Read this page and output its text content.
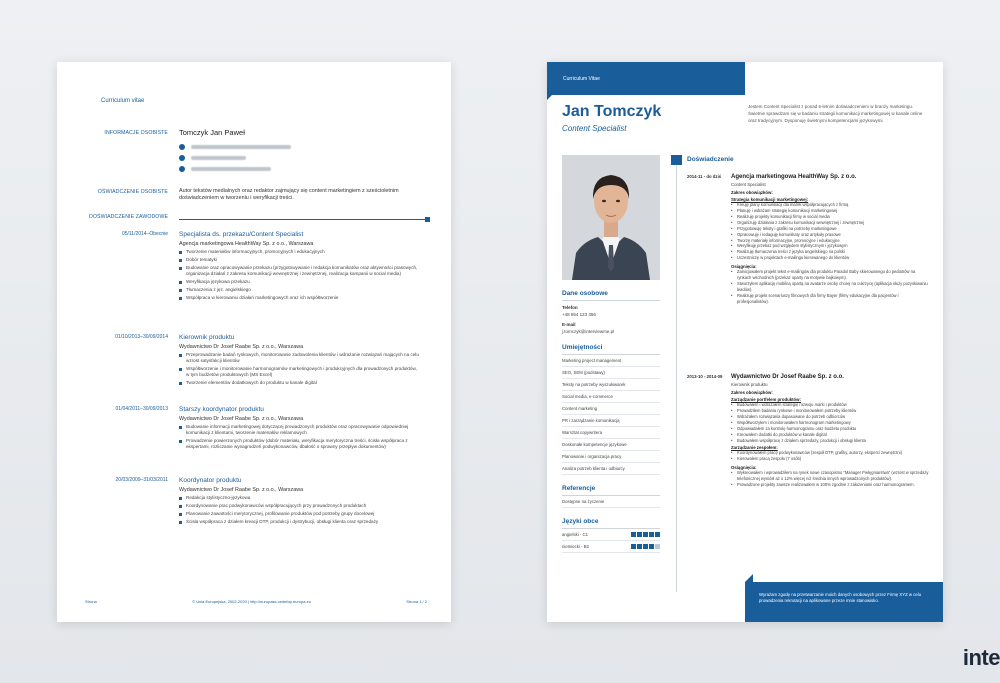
Curriculum vitae
INFORMACJE OSOBISTE Tomczyk Jan Paweł
OŚWIADCZENIE OSOBISTE Autor tekstów medialnych oraz redaktor zajmujący się content marketingiem z sześcioletnim doświadczeniem w tworzeniu i weryfikacji treści.
DOŚWIADCZENIE ZAWODOWE
05/11/2014–Obecnie Specjalista ds. przekazu/Content Specialist
Agencja marketingowa HealthWay Sp. z o.o., Warszawa
Tworzenie materiałów informacyjnych, promocyjnych i edukacyjnych
Dobór tematyki
Budowanie oraz opracowywanie przekazu (przygotowywanie i redakcja komunikatów oraz aktywności prasowych, organizacja działań z zakresu komunikacji wewnętrznej i zewnętrznej, realizacja kampanii w social media)
Weryfikacja językowa przekazu
Tłumaczenia z jęz. angielskiego
Współpraca w kierowaniu działań marketingowych oraz ich współtworzenie
01/10/2013–30/09/2014 Kierownik produktu
Wydawnictwo Dr Josef Raabe Sp. z o.o., Warszawa
Przeprowadzanie badań rynkowych, monitorowanie zadowolenia klientów i wdrażanie rozwiązań mających na celu wzrost satysfakcji klientów
Współtworzenie i monitorowanie harmonogramów marketingowych i produkcyjnych dla prowadzonych produktów, w tym budżetów produktowych (MS Excel)
Tworzenie elementów dodatkowych do produktu w kanale digital
01/04/2011–30/09/2013 Starszy koordynator produktu
Wydawnictwo Dr Josef Raabe Sp. z o.o., Warszawa
Budowanie informacji marketingowej dotyczącej prowadzonych produktów oraz opracowywanie odpowiedniej komunikacji z klientami, tworzenie materiałów reklamowych
Prowadzenie powierzonych produktów (dobór materiału, weryfikacja merytoryczna treści, ścisła współpraca z ekspertami, rozliczanie wynagrodzeń podwykonawców, dbałość o sprawny przepływ dokumentów)
20/03/2009–31/03/2011 Koordynator produktu
Wydawnictwo Dr Josef Raabe Sp. z o.o., Warszawa
Redakcja stylistyczno-językowa
Koordynowanie prac podwykonawców współpracujących przy prowadzonych produktach
Planowanie zawartości merytorycznej, profilowanie produktów pod potrzeby grupy docelowej
Ścisła współpraca z działem kreacji DTP, produkcji i dystrybucji, obsługi klienta oraz sprzedaży
Strona	© Unia Europejska, 2002-2020 | http://europass.cedefop.europa.eu	Strona 1 / 2
Curriculum Vitae
Jan Tomczyk
Content Specialist
Jestem Content Specialist z ponad 6-letnim doświadczeniem w branży marketingu. Świetnie sprawdzam się w badaniu strategii komunikacji marketingowej w kanale online oraz tradycyjnym. Dysponuję świetnymi kompetencjami językowymi.
Dane osobowe
Telefon
+48 654 123 456
E-mail
j.tomczyk@interviewme.pl
Umiejętności
Marketing project management
SEO, SEM (podstawy)
Teksty na potrzeby wyszukiwarek
Social media, e-commerce
Content marketing
PR i zarządzanie komunikacją
Warsztat copywritera
Doskonałe kompetencje językowe
Planowanie i organizacja pracy
Analiza potrzeb klienta i odbiorcy
Referencje
Dostępne na życzenie
Języki obce
angielski - C1
niemiecki - B2
Doświadczenie
2014-11 - do dziś	Agencja marketingowa HealthWay Sp. z o.o.
Content Specialist
Zakres obowiązków:
Strategia komunikacji marketingowej:
• Kreuję plany komunikacji dla marek współpracujących z firmą
• Planuję i wdrażam strategię komunikacji marketingowej
• Realizuję projekty komunikacji firmy w social media
• Organizuję działania z zakresu komunikacji wewnętrznej i zewnętrznej
• Przygotowuję teksty i grafiki na potrzeby marketingowe
• Opracowuję i redaguję komunikaty oraz artykuły prasowe
• Tworzę materiały informacyjne, promocyjne i edukacyjne
• Weryfikuję przekaz pod względem stylistycznym i językowym
• Realizuję tłumaczenia treści z języka angielskiego na polski
• Uczestniczę w projektach e-mailingu kierowanego do klientów
Osiągnięcia:
• Zainicjowałem projekt tekst e-mailingów dla produktu Paradol Baby skierowanego do pediatrów na rynkach wschodnich (przekaz oparty na motywie bajkowym).
• Stworzyłem aplikację mobilną opartą na avatarze osoby chorej na cukrzycę (aplikacja służy pozyskiwaniu leadów).
• Realizuję projekt scenariuszy filmowych dla firmy Bayer (filmy edukacyjne dla pacjentów i profesjonalistów).
2013-10 - 2014-09 Wydawnictwo Dr Josef Raabe Sp. z o.o.
Kierownik produktu
Zakres obowiązków:
Zarządzanie portfelem produktów:
• Budowałem i wdrażałem strategię rozwoju marki i produktów
• Prowadziłem badania rynkowe i monitorowałem potrzeby klientów
• Wdrażałem rozwiązania dopasowane do potrzeb odbiorców
• Współtworzyłem i monitorowałem harmonogram marketingowy
• Odpowiadałem za kontrolę harmonogramu oraz budżetu produktu
• Kreowałem dodatki do produktów w kanale digital
• Budowałem współpracę z działem sprzedaży, produkcji i obsługi klienta
Zarządzanie zespołem:
• Koordynowałem pracę podwykonawców (zespół DTP, grafiky, autorzy, eksperci zewnętrzni)
• Kierowałem pracą zespołu (7 osób)
Osiągnięcia:
• Wykreowałem i wprowadziłem na rynek nowe czasopismo "Manager Pielęgniarstwa" (wzrost w sprzedaży telefonicznej wyniósł aż o 12% więcej niż średnia innych wprowadzonych produktów).
• Prowadzone projekty zawsze realizowałem w 100% zgodnie z założeniami oraz harmonogramem.
Wyrażam zgodę na przetwarzanie moich danych osobowych przez Firmę XYZ w celu prowadzenia rekrutacji na aplikowane przeze mnie stanowisko.
inte
